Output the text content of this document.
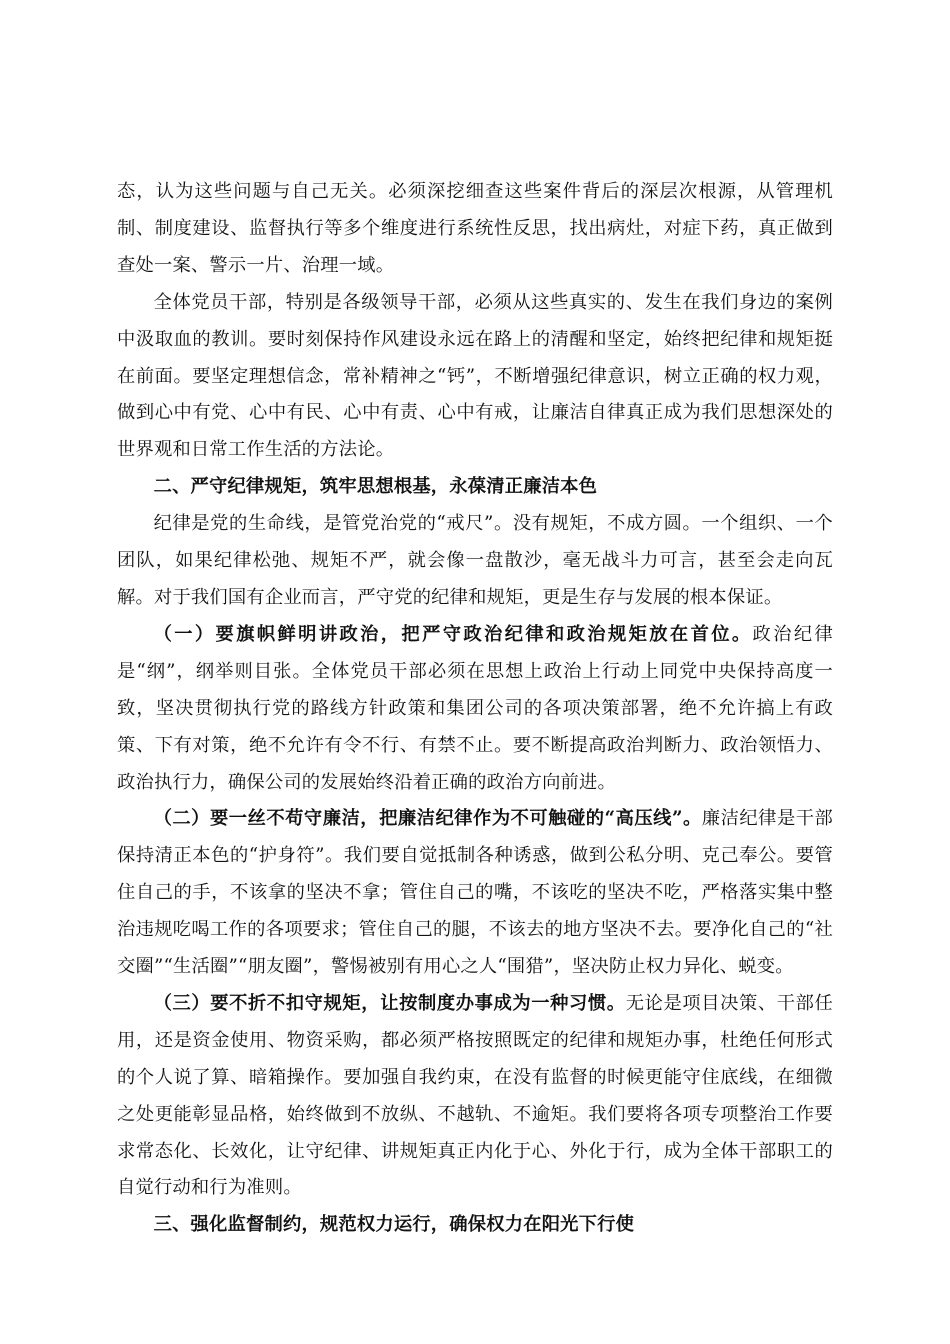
态，认为这些问题与自己无关。必须深挖细查这些案件背后的深层次根源，从管理机制、制度建设、监督执行等多个维度进行系统性反思，找出病灶，对症下药，真正做到查处一案、警示一片、治理一域。

全体党员干部，特别是各级领导干部，必须从这些真实的、发生在我们身边的案例中汲取血的教训。要时刻保持作风建设永远在路上的清醒和坚定，始终把纪律和规矩挺在前面。要坚定理想信念，常补精神之“钙”，不断增强纪律意识，树立正确的权力观，做到心中有党、心中有民、心中有责、心中有戒，让廉洁自律真正成为我们思想深处的世界观和日常工作生活的方法论。

二、严守纪律规矩，筑牢思想根基，永葆清正廉洁本色

纪律是党的生命线，是管党治党的“戒尺”。没有规矩，不成方圆。一个组织、一个团队，如果纪律松弛、规矩不严，就会像一盘散沙，毫无战斗力可言，甚至会走向瓦解。对于我们国有企业而言，严守党的纪律和规矩，更是生存与发展的根本保证。

（一）要旗帜鲜明讲政治，把严守政治纪律和政治规矩放在首位。政治纪律是“纲”，纲举则目张。全体党员干部必须在思想上政治上行动上同党中央保持高度一致，坚决贯彻执行党的路线方针政策和集团公司的各项决策部署，绝不允许搞上有政策、下有对策，绝不允许有令不行、有禁不止。要不断提高政治判断力、政治领悟力、政治执行力，确保公司的发展始终沿着正确的政治方向前进。

（二）要一丝不苟守廉洁，把廉洁纪律作为不可触碰的“高压线”。廉洁纪律是干部保持清正本色的“护身符”。我们要自觉抵制各种诱惑，做到公私分明、克己奉公。要管住自己的手，不该拿的坚决不拿；管住自己的嘴，不该吃的坚决不吃，严格落实集中整治违规吃喝工作的各项要求；管住自己的腿，不该去的地方坚决不去。要净化自己的“社交圈”“生活圈”“朋友圈”，警惕被别有用心之人“围猎”，坚决防止权力异化、蜕变。

（三）要不折不扣守规矩，让按制度办事成为一种习惯。无论是项目决策、干部任用，还是资金使用、物资采购，都必须严格按照既定的纪律和规矩办事，杜绝任何形式的个人说了算、暗箱操作。要加强自我约束，在没有监督的时候更能守住底线，在细微之处更能彰显品格，始终做到不放纵、不越轨、不逾矩。我们要将各项专项整治工作要求常态化、长效化，让守纪律、讲规矩真正内化于心、外化于行，成为全体干部职工的自觉行动和行为准则。

三、强化监督制约，规范权力运行，确保权力在阳光下行使
